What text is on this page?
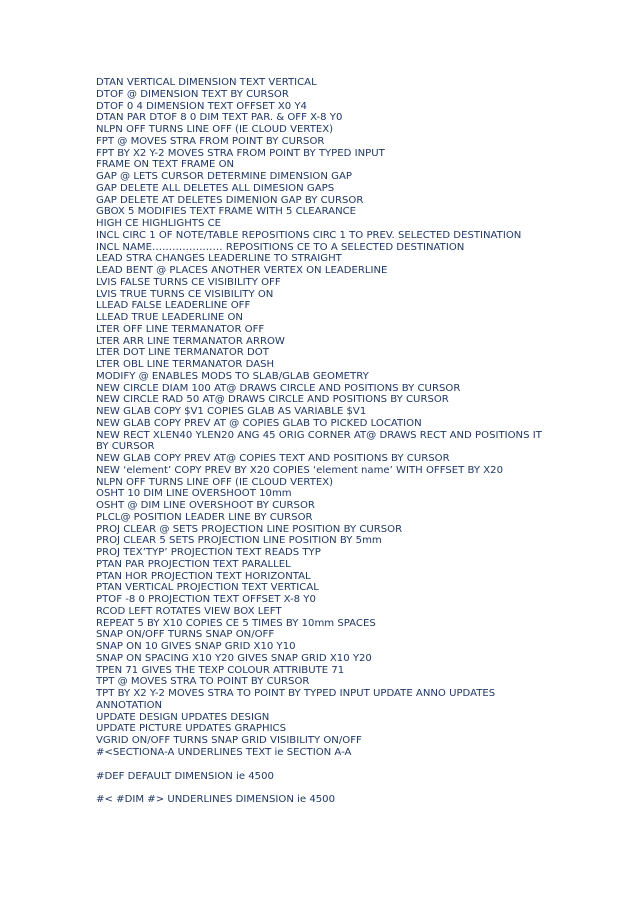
DTAN VERTICAL DIMENSION TEXT VERTICAL
DTOF @ DIMENSION TEXT BY CURSOR
DTOF 0 4 DIMENSION TEXT OFFSET X0 Y4
DTAN PAR DTOF 8 0 DIM TEXT PAR. & OFF X-8 Y0
NLPN OFF TURNS LINE OFF (IE CLOUD VERTEX)
FPT @ MOVES STRA FROM POINT BY CURSOR
FPT BY X2 Y-2 MOVES STRA FROM POINT BY TYPED INPUT
FRAME ON TEXT FRAME ON
GAP @ LETS CURSOR DETERMINE DIMENSION GAP
GAP DELETE ALL DELETES ALL DIMESION GAPS
GAP DELETE AT DELETES DIMENION GAP BY CURSOR
GBOX 5 MODIFIES TEXT FRAME WITH 5 CLEARANCE
HIGH CE HIGHLIGHTS CE
INCL CIRC 1 OF NOTE/TABLE REPOSITIONS CIRC 1 TO PREV. SELECTED DESTINATION
INCL NAME………………… REPOSITIONS CE TO A SELECTED DESTINATION
LEAD STRA CHANGES LEADERLINE TO STRAIGHT
LEAD BENT @ PLACES ANOTHER VERTEX ON LEADERLINE
LVIS FALSE TURNS CE VISIBILITY OFF
LVIS TRUE TURNS CE VISIBILITY ON
LLEAD FALSE LEADERLINE OFF
LLEAD TRUE LEADERLINE ON
LTER OFF LINE TERMANATOR OFF
LTER ARR LINE TERMANATOR ARROW
LTER DOT LINE TERMANATOR DOT
LTER OBL LINE TERMANATOR DASH
MODIFY @ ENABLES MODS TO SLAB/GLAB GEOMETRY
NEW CIRCLE DIAM 100 AT@ DRAWS CIRCLE AND POSITIONS BY CURSOR
NEW CIRCLE RAD 50 AT@ DRAWS CIRCLE AND POSITIONS BY CURSOR
NEW GLAB COPY $V1 COPIES GLAB AS VARIABLE $V1
NEW GLAB COPY PREV AT @ COPIES GLAB TO PICKED LOCATION
NEW RECT XLEN40 YLEN20 ANG 45 ORIG CORNER AT@ DRAWS RECT AND POSITIONS IT
BY CURSOR
NEW GLAB COPY PREV AT@ COPIES TEXT AND POSITIONS BY CURSOR
NEW ‘element’ COPY PREV BY X20 COPIES ‘element name’ WITH OFFSET BY X20
NLPN OFF TURNS LINE OFF (IE CLOUD VERTEX)
OSHT 10 DIM LINE OVERSHOOT 10mm
OSHT @ DIM LINE OVERSHOOT BY CURSOR
PLCL@ POSITION LEADER LINE BY CURSOR
PROJ CLEAR @ SETS PROJECTION LINE POSITION BY CURSOR
PROJ CLEAR 5 SETS PROJECTION LINE POSITION BY 5mm
PROJ TEX’TYP’ PROJECTION TEXT READS TYP
PTAN PAR PROJECTION TEXT PARALLEL
PTAN HOR PROJECTION TEXT HORIZONTAL
PTAN VERTICAL PROJECTION TEXT VERTICAL
PTOF -8 0 PROJECTION TEXT OFFSET X-8 Y0
RCOD LEFT ROTATES VIEW BOX LEFT
REPEAT 5 BY X10 COPIES CE 5 TIMES BY 10mm SPACES
SNAP ON/OFF TURNS SNAP ON/OFF
SNAP ON 10 GIVES SNAP GRID X10 Y10
SNAP ON SPACING X10 Y20 GIVES SNAP GRID X10 Y20
TPEN 71 GIVES THE TEXP COLOUR ATTRIBUTE 71
TPT @ MOVES STRA TO POINT BY CURSOR
TPT BY X2 Y-2 MOVES STRA TO POINT BY TYPED INPUT UPDATE ANNO UPDATES
ANNOTATION
UPDATE DESIGN UPDATES DESIGN
UPDATE PICTURE UPDATES GRAPHICS
VGRID ON/OFF TURNS SNAP GRID VISIBILITY ON/OFF
#<SECTIONA-A UNDERLINES TEXT ie SECTION A-A
#DEF DEFAULT DIMENSION ie 4500
#< #DIM #> UNDERLINES DIMENSION ie 4500
